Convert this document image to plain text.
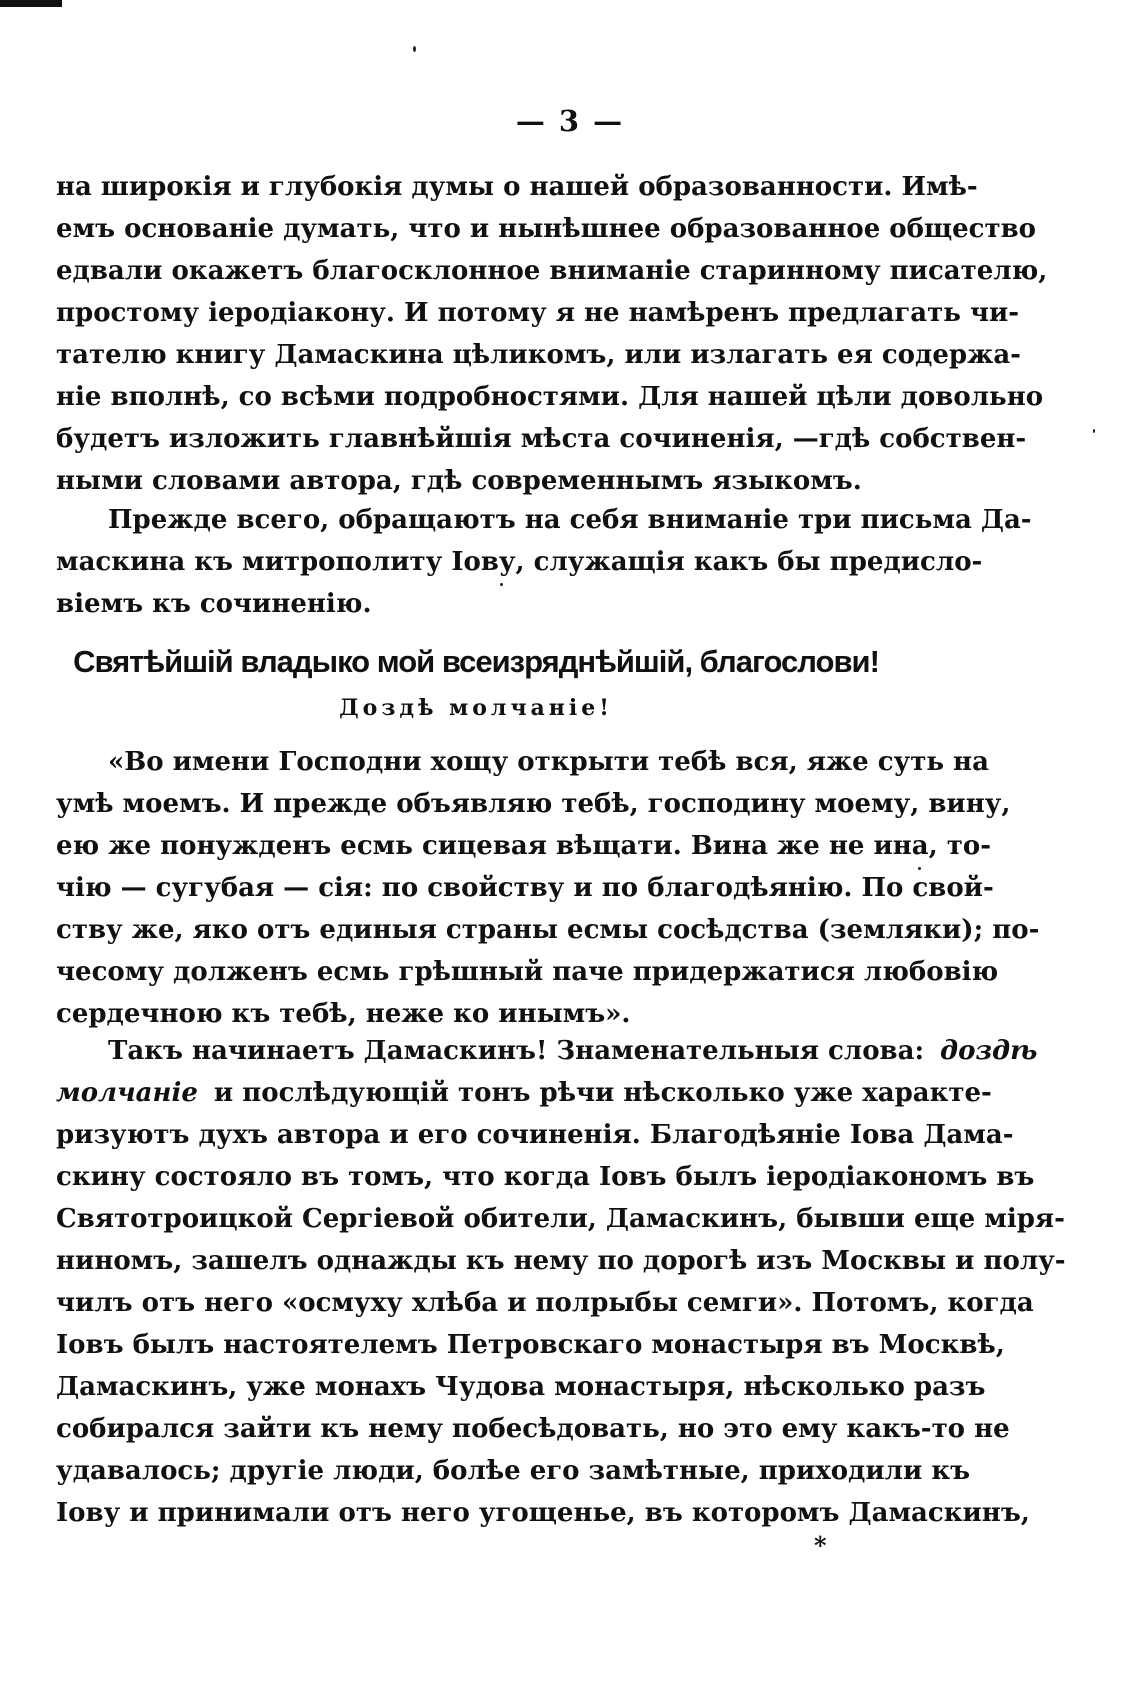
— 3 —
на широкія и глубокія думы о нашей образованности. Имѣ-
емъ основаніе думать, что и нынѣшнее образованное общество
едвали окажетъ благосклонное вниманіе старинному писателю,
простому іеродіакону. И потому я не намѣренъ предлагать чи-
тателю книгу Дамаскина цѣликомъ, или излагать ея содержа-
ніе вполнѣ, со всѣми подробностями. Для нашей цѣли довольно
будетъ изложить главнѣйшія мѣста сочиненія, —гдѣ собствен-
ными словами автора, гдѣ современнымъ языкомъ.
Прежде всего, обращаютъ на себя вниманіе три письма Да-
маскина къ митрополиту Іову, служащія какъ бы предисло-
віемъ къ сочиненію.
Святѣйшій владыко мой всеизряднѣйшій, благослови!
Доздѣ молчаніе!
«Во имени Господни хощу открыти тебѣ вся, яже суть на
умѣ моемъ. И прежде объявляю тебѣ, господину моему, вину,
ею же понужденъ есмь сицевая вѣщати. Вина же не ина, то-
чію — сугубая — сія: по свойству и по благодѣянію. По свой-
ству же, яко отъ единыя страны есмы сосѣдства (земляки); по-
чесому долженъ есмь грѣшный паче придержатися любовію
сердечною къ тебѣ, неже ко инымъ».
Такъ начинаетъ Дамаскинъ! Знаменательныя слова: доздѣ
молчаніе и послѣдующій тонъ рѣчи нѣсколько уже характе-
ризуютъ духъ автора и его сочиненія. Благодѣяніе Іова Дама-
скину состояло въ томъ, что когда Іовъ былъ іеродіакономъ въ
Святотроицкой Сергіевой обители, Дамаскинъ, бывши еще міря-
ниномъ, зашелъ однажды къ нему по дорогѣ изъ Москвы и полу-
чилъ отъ него «осмуху хлѣба и полрыбы семги». Потомъ, когда
Іовъ былъ настоятелемъ Петровскаго монастыря въ Москвѣ,
Дамаскинъ, уже монахъ Чудова монастыря, нѣсколько разъ
собирался зайти къ нему побесѣдовать, но это ему какъ-то не
удавалось; другіе люди, болѣе его замѣтные, приходили къ
Іову и принимали отъ него угощенье, въ которомъ Дамаскинъ,
*
